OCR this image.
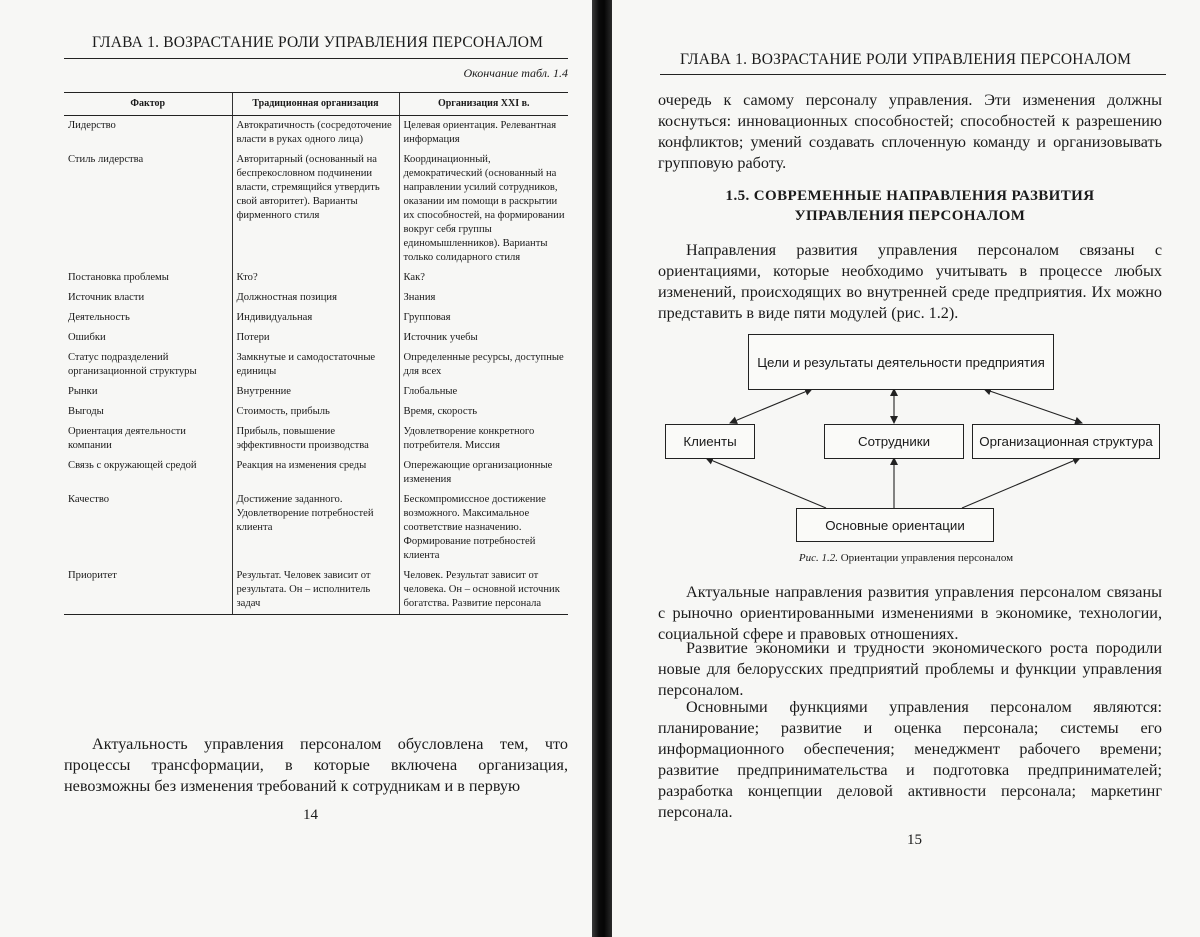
ГЛАВА 1. ВОЗРАСТАНИЕ РОЛИ УПРАВЛЕНИЯ ПЕРСОНАЛОМ
Окончание табл. 1.4
Фактор	Традиционная организация	Организация XXI в.
Лидерство	Автократичность (сосредоточение власти в руках одного лица)	Целевая ориентация. Релевантная информация
Стиль лидерства	Авторитарный (основанный на беспрекословном подчинении власти, стремящийся утвердить свой авторитет). Варианты фирменного стиля	Координационный, демократический (основанный на направлении усилий сотрудников, оказании им помощи в раскрытии их способностей, на формировании вокруг себя группы единомышленников). Варианты только солидарного стиля
Постановка проблемы	Кто?	Как?
Источник власти	Должностная позиция	Знания
Деятельность	Индивидуальная	Групповая
Ошибки	Потери	Источник учебы
Статус подразделений организационной структуры	Замкнутые и самодостаточные единицы	Определенные ресурсы, доступные для всех
Рынки	Внутренние	Глобальные
Выгоды	Стоимость, прибыль	Время, скорость
Ориентация деятельности компании	Прибыль, повышение эффективности производства	Удовлетворение конкретного потребителя. Миссия
Связь с окружающей средой	Реакция на изменения среды	Опережающие организационные изменения
Качество	Достижение заданного. Удовлетворение потребностей клиента	Бескомпромиссное достижение возможного. Максимальное соответствие назначению. Формирование потребностей клиента
Приоритет	Результат. Человек зависит от результата. Он – исполнитель задач	Человек. Результат зависит от человека. Он – основной источник богатства. Развитие персонала

Актуальность управления персоналом обусловлена тем, что процессы трансформации, в которые включена организация, невозможны без изменения требований к сотрудникам и в первую

14
ГЛАВА 1. ВОЗРАСТАНИЕ РОЛИ УПРАВЛЕНИЯ ПЕРСОНАЛОМ

очередь к самому персоналу управления. Эти изменения должны коснуться: инновационных способностей; способностей к разрешению конфликтов; умений создавать сплоченную команду и организовывать групповую работу.

1.5. СОВРЕМЕННЫЕ НАПРАВЛЕНИЯ РАЗВИТИЯ
УПРАВЛЕНИЯ ПЕРСОНАЛОМ

Направления развития управления персоналом связаны с ориентациями, которые необходимо учитывать в процессе любых изменений, происходящих во внутренней среде предприятия. Их можно представить в виде пяти модулей (рис. 1.2).

Цели и результаты деятельности предприятия
Клиенты	Сотрудники	Организационная структура
Основные ориентации
Рис. 1.2. Ориентации управления персоналом

Актуальные направления развития управления персоналом связаны с рыночно ориентированными изменениями в экономике, технологии, социальной сфере и правовых отношениях.

Развитие экономики и трудности экономического роста породили новые для белорусских предприятий проблемы и функции управления персоналом.

Основными функциями управления персоналом являются: планирование; развитие и оценка персонала; системы его информационного обеспечения; менеджмент рабочего времени; развитие предпринимательства и подготовка предпринимателей; разработка концепции деловой активности персонала; маркетинг персонала.

15
